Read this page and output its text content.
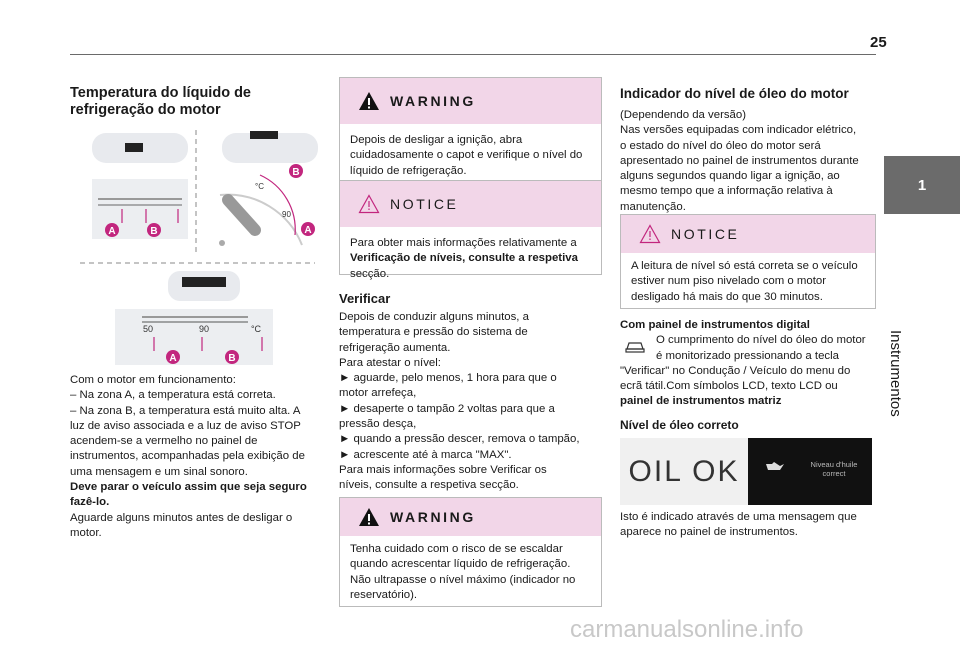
25
1
Instrumentos
Temperatura do líquido de
refrigeração do motor
A	B
°C
90
B
A
50	90	°C
A	B

Com o motor em funcionamento:

– Na zona A, a temperatura está correta.

– Na zona B, a temperatura está muito alta. A

luz de aviso associada e a luz de aviso STOP

acendem-se a vermelho no painel de

instrumentos, acompanhadas pela exibição de

uma mensagem e um sinal sonoro.

Deve parar o veículo assim que seja seguro

fazê-lo.

Aguarde alguns minutos antes de desligar o

motor.

WARNING

Depois de desligar a ignição, abra

cuidadosamente o capot e verifique o nível do

líquido de refrigeração.

NOTICE

Para obter mais informações relativamente a

Verificação de níveis, consulte a respetiva

secção.

Verificar

Depois de conduzir alguns minutos, a

temperatura e pressão do sistema de

refrigeração aumenta.

Para atestar o nível:

► aguarde, pelo menos, 1 hora para que o

motor arrefeça,

► desaperte o tampão 2 voltas para que a

pressão desça,

► quando a pressão descer, remova o tampão,

► acrescente até à marca "MAX".

Para mais informações sobre Verificar os

níveis, consulte a respetiva secção.

WARNING

Tenha cuidado com o risco de se escaldar

quando acrescentar líquido de refrigeração.

Não ultrapasse o nível máximo (indicador no

reservatório).

Indicador do nível de óleo do motor

(Dependendo da versão)

Nas versões equipadas com indicador elétrico,

o estado do nível do óleo do motor será

apresentado no painel de instrumentos durante

alguns segundos quando ligar a ignição, ao

mesmo tempo que a informação relativa à

manutenção.

NOTICE

A leitura de nível só está correta se o veículo

estiver num piso nivelado com o motor

desligado há mais do que 30 minutos.

Com painel de instrumentos digital

O cumprimento do nível do óleo do motor

é monitorizado pressionando a tecla

"Verificar" no Condução / Veículo do menu do

ecrã tátil.Com símbolos LCD, texto LCD ou

painel de instrumentos matriz

Nível de óleo correto

OIL OK	Niveau d'huile
correct

Isto é indicado através de uma mensagem que

aparece no painel de instrumentos.

carmanualsonline.info
